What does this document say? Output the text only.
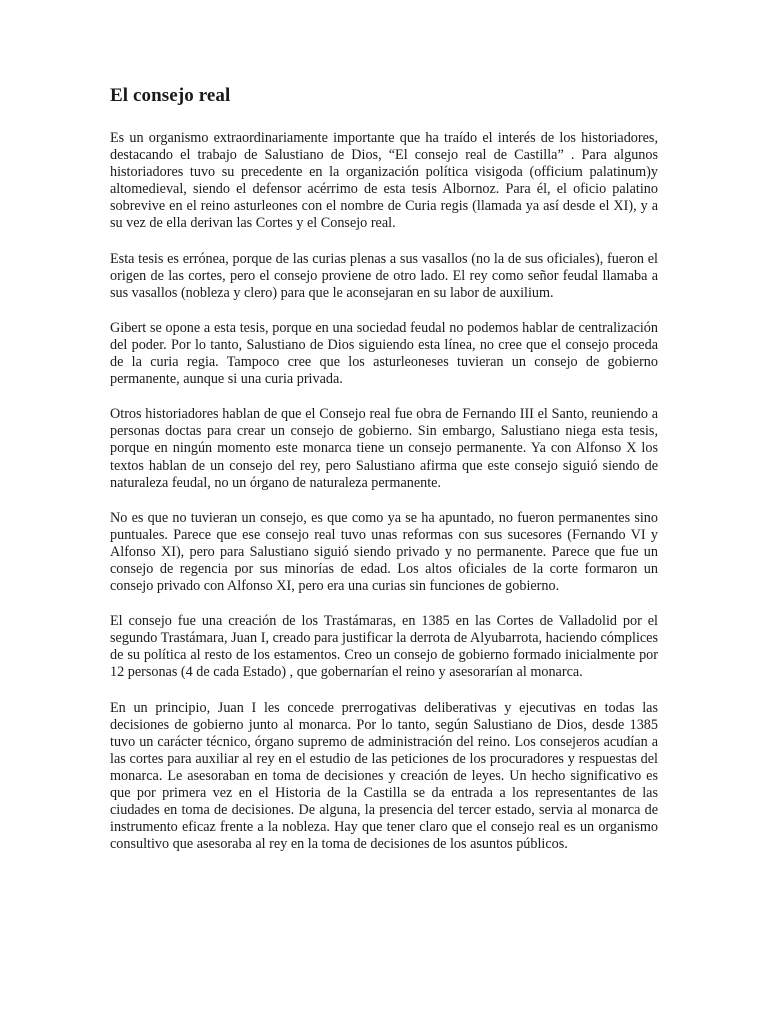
El consejo real

Es un organismo extraordinariamente importante que ha traído el interés de los historiadores, destacando el trabajo de Salustiano de Dios, “El consejo real de Castilla” . Para algunos historiadores tuvo su precedente en la organización política visigoda (officium palatinum)y altomedieval, siendo el defensor acérrimo de esta tesis Albornoz. Para él, el oficio palatino sobrevive en el reino asturleones con el nombre de Curia regis (llamada ya así desde el XI), y a su vez de ella derivan las Cortes y el Consejo real.

Esta tesis es errónea, porque de las curias plenas a sus vasallos (no la de sus oficiales), fueron el origen de las cortes, pero el consejo proviene de otro lado. El rey como señor feudal llamaba a sus vasallos (nobleza y clero) para que le aconsejaran en su labor de auxilium.

Gibert se opone a esta tesis, porque en una sociedad feudal no podemos hablar de centralización del poder. Por lo tanto, Salustiano de Dios siguiendo esta línea, no cree que el consejo proceda de la curia regia. Tampoco cree que los asturleoneses tuvieran un consejo de gobierno permanente, aunque si una curia privada.

Otros historiadores hablan de que el Consejo real fue obra de Fernando III el Santo, reuniendo a personas doctas para crear un consejo de gobierno. Sin embargo, Salustiano niega esta tesis, porque en ningún momento este monarca tiene un consejo permanente. Ya con Alfonso X los textos hablan de un consejo del rey, pero Salustiano afirma que este consejo siguió siendo de naturaleza feudal, no un órgano de naturaleza permanente.

No es que no tuvieran un consejo, es que como ya se ha apuntado, no fueron permanentes sino puntuales. Parece que ese consejo real tuvo unas reformas con sus sucesores (Fernando VI y Alfonso XI), pero para Salustiano siguió siendo privado y no permanente. Parece que fue un consejo de regencia por sus minorías de edad. Los altos oficiales de la corte formaron un consejo privado con Alfonso XI, pero era una curias sin funciones de gobierno.

El consejo fue una creación de los Trastámaras, en 1385 en las Cortes de Valladolid por el segundo Trastámara, Juan I, creado para justificar la derrota de Alyubarrota, haciendo cómplices de su política al resto de los estamentos. Creo un consejo de gobierno formado inicialmente por 12 personas (4 de cada Estado) , que gobernarían el reino y asesorarían al monarca.

En un principio, Juan I les concede prerrogativas deliberativas y ejecutivas en todas las decisiones de gobierno junto al monarca. Por lo tanto, según Salustiano de Dios, desde 1385 tuvo un carácter técnico, órgano supremo de administración del reino. Los consejeros acudían a las cortes para auxiliar al rey en el estudio de las peticiones de los procuradores y respuestas del monarca. Le asesoraban en toma de decisiones y creación de leyes. Un hecho significativo es que por primera vez en el Historia de la Castilla se da entrada a los representantes de las ciudades en toma de decisiones. De alguna, la presencia del tercer estado, servia al monarca de instrumento eficaz frente a la nobleza. Hay que tener claro que el consejo real es un organismo consultivo que asesoraba al rey en la toma de decisiones de los asuntos públicos.
